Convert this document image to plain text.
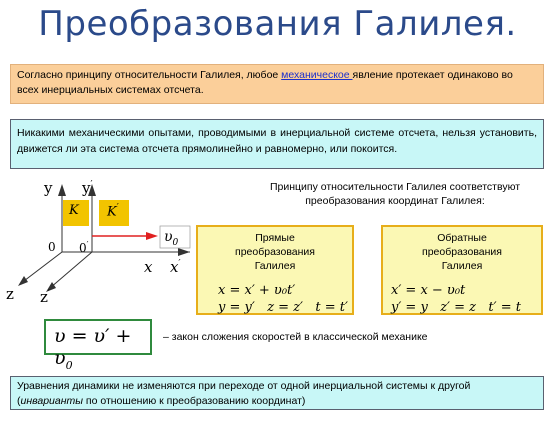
Преобразования Галилея.
Согласно принципу относительности Галилея, любое механическое явление протекает одинаково во всех инерциальных системах отсчета.
Никакими механическими опытами, проводимыми в инерциальной системе отсчета, нельзя установить, движется ли эта система отсчета прямолинейно и равномерно, или покоится.
y y′
K K′
$\upsilon_0$
0 0′
x x′
z z′
Принципу относительности Галилея соответствуют преобразования координат Галилея:
Прямые преобразования Галилея
x = x′ + υ₀t′
y = y′   z = z′   t = t′
Обратные преобразования Галилея
x′ = x − υ₀t
y′ = y   z′ = z   t′ = t
$\upsilon = \upsilon' + \upsilon_0$
– закон сложения скоростей в классической механике
Уравнения динамики не изменяются при переходе от одной инерциальной системы к другой
(инварианты по отношению к преобразованию координат)
